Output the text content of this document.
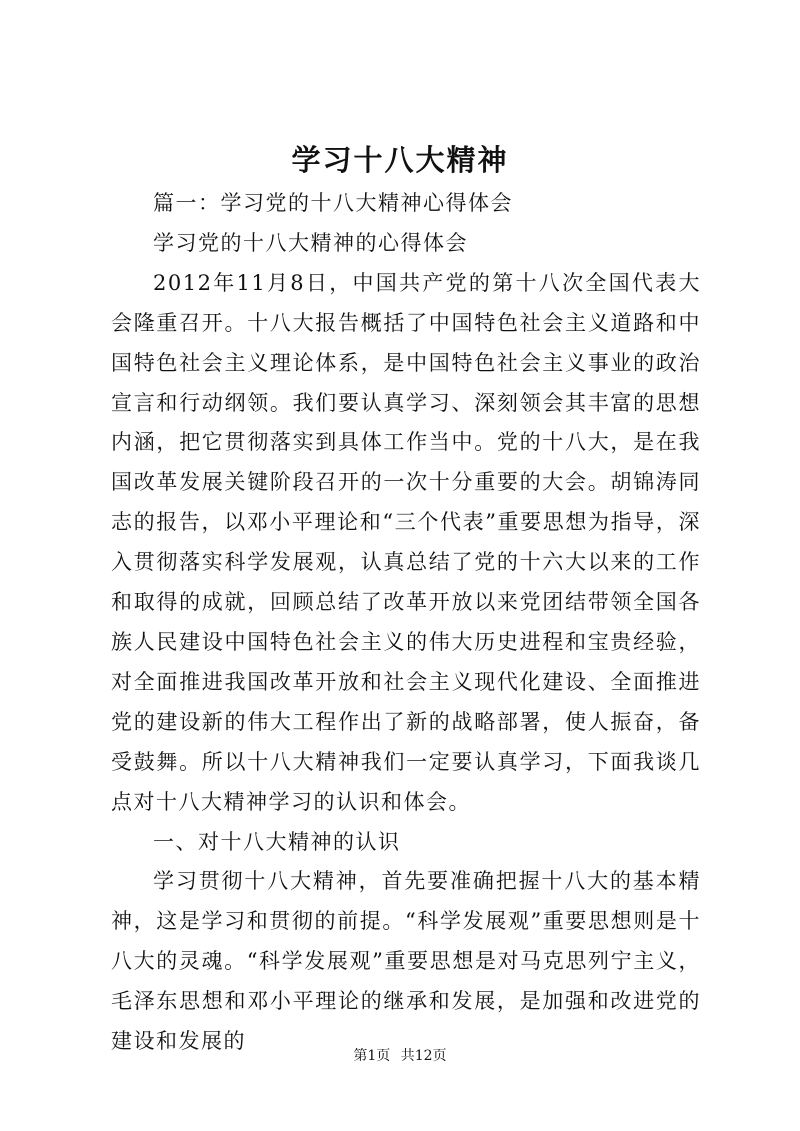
学习十八大精神

篇一：学习党的十八大精神心得体会

学习党的十八大精神的心得体会

2012年11月8日，中国共产党的第十八次全国代表大会隆重召开。十八大报告概括了中国特色社会主义道路和中国特色社会主义理论体系，是中国特色社会主义事业的政治宣言和行动纲领。我们要认真学习、深刻领会其丰富的思想内涵，把它贯彻落实到具体工作当中。党的十八大，是在我国改革发展关键阶段召开的一次十分重要的大会。胡锦涛同志的报告，以邓小平理论和“三个代表”重要思想为指导，深入贯彻落实科学发展观，认真总结了党的十六大以来的工作和取得的成就，回顾总结了改革开放以来党团结带领全国各族人民建设中国特色社会主义的伟大历史进程和宝贵经验，对全面推进我国改革开放和社会主义现代化建设、全面推进党的建设新的伟大工程作出了新的战略部署，使人振奋，备受鼓舞。所以十八大精神我们一定要认真学习，下面我谈几点对十八大精神学习的认识和体会。

一、对十八大精神的认识

学习贯彻十八大精神，首先要准确把握十八大的基本精神，这是学习和贯彻的前提。“科学发展观”重要思想则是十八大的灵魂。“科学发展观”重要思想是对马克思列宁主义，毛泽东思想和邓小平理论的继承和发展，是加强和改进党的建设和发展的

第1页 共12页
